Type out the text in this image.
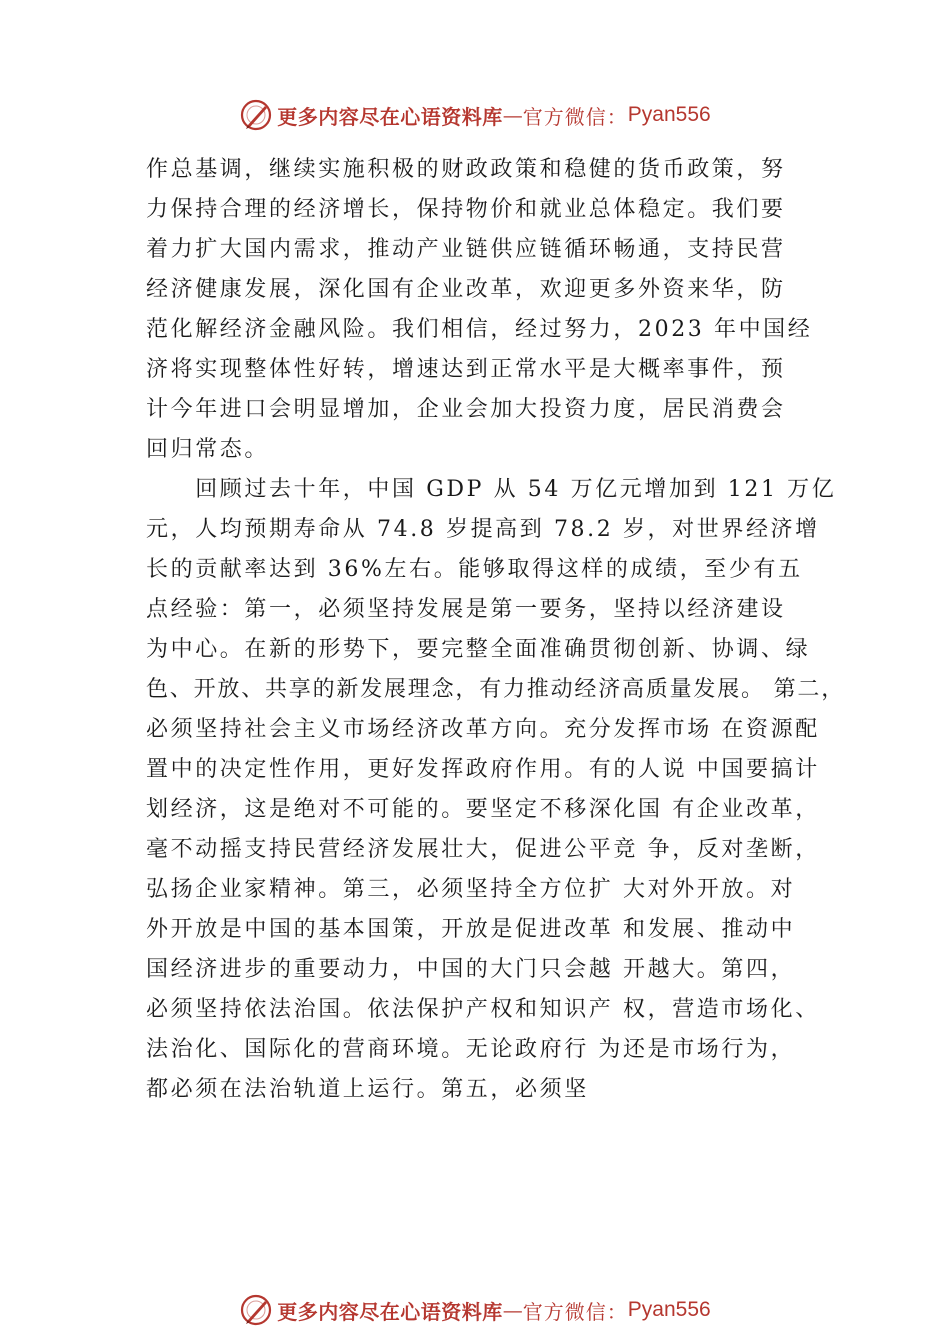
更多内容尽在心语资料库 — 官方微信： Pyan556
作总基调，继续实施积极的财政政策和稳健的货币政策，努
力保持合理的经济增长，保持物价和就业总体稳定。我们要
着力扩大国内需求，推动产业链供应链循环畅通，支持民营
经济健康发展，深化国有企业改革，欢迎更多外资来华，防
范化解经济金融风险。我们相信，经过努力，2023 年中国经
济将实现整体性好转，增速达到正常水平是大概率事件，预
计今年进口会明显增加，企业会加大投资力度，居民消费会
回归常态。
　　回顾过去十年，中国 GDP 从 54 万亿元增加到 121 万亿
元，人均预期寿命从 74.8 岁提高到 78.2 岁，对世界经济增
长的贡献率达到 36%左右。能够取得这样的成绩，至少有五
点经验：第一，必须坚持发展是第一要务，坚持以经济建设
为中心。在新的形势下，要完整全面准确贯彻创新、协调、绿
色、开放、共享的新发展理念，有力推动经济高质量发展。 第二，
必须坚持社会主义市场经济改革方向。充分发挥市场 在资源配
置中的决定性作用，更好发挥政府作用。有的人说 中国要搞计
划经济，这是绝对不可能的。要坚定不移深化国 有企业改革，
毫不动摇支持民营经济发展壮大，促进公平竞 争，反对垄断，
弘扬企业家精神。第三，必须坚持全方位扩 大对外开放。对
外开放是中国的基本国策，开放是促进改革 和发展、推动中
国经济进步的重要动力，中国的大门只会越 开越大。第四，
必须坚持依法治国。依法保护产权和知识产 权，营造市场化、
法治化、国际化的营商环境。无论政府行 为还是市场行为，
都必须在法治轨道上运行。第五，必须坚
更多内容尽在心语资料库 — 官方微信： Pyan556
